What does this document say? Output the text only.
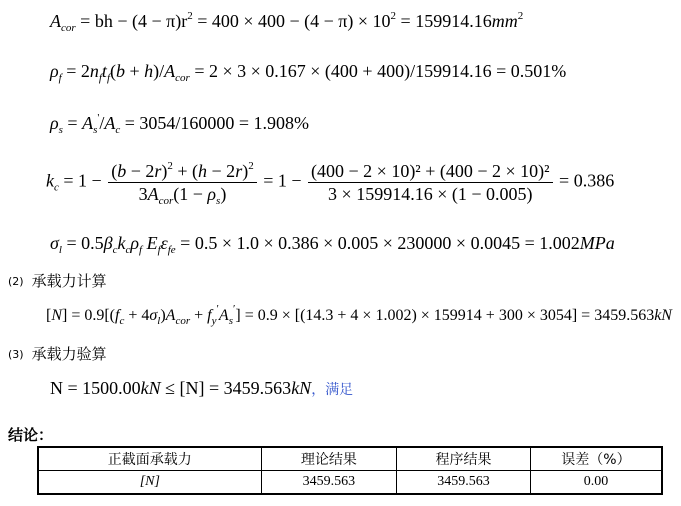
$A_{cor}$ = bh − $(4 - \pi)r^2 = 400 \times 400 - (4 - \pi) \times 10^2 = 159914.16mm^2$
$\rho_f = 2n_ft_f(b + h)/A_{cor} = 2 \times 3 \times 0.167 \times (400 + 400)/159914.16 = 0.501\%$
$\rho_s = A_s'/A_c = 3054/160000 = 1.908\%$
$k_c = 1 - \frac{(b - 2r)^2 + (h - 2r)^2}{3A_{cor}(1 - \rho_s)} = 1 - \frac{\text{(400 − 2 × 10)² + (400 − 2 × 10)²}}{3 \times 159914.16 \times (1 - 0.005)} = 0.386$
$\sigma_l = 0.5\beta_ck_c\rho_f$ $E_f\varepsilon_{fe} = 0.5 \times 1.0 \times 0.386 \times 0.005 \times 230000 \times 0.0045 = 1.002MPa$
(2) 承载力计算
$[N] = 0.9[(f_c + 4\sigma_l)A_{cor} + f_y'A_s'] = 0.9 \times [(14.3 + 4 \times 1.002) \times 159914 + 300 \times 3054] = 3459.563kN$
(3) 承载力验算
N = 1500.00kN ≤ [N] = 3459.563kN，满足
结论：
正截面承载力	理论结果	程序结果	误差（%）
[N]	3459.563	3459.563	0.00
